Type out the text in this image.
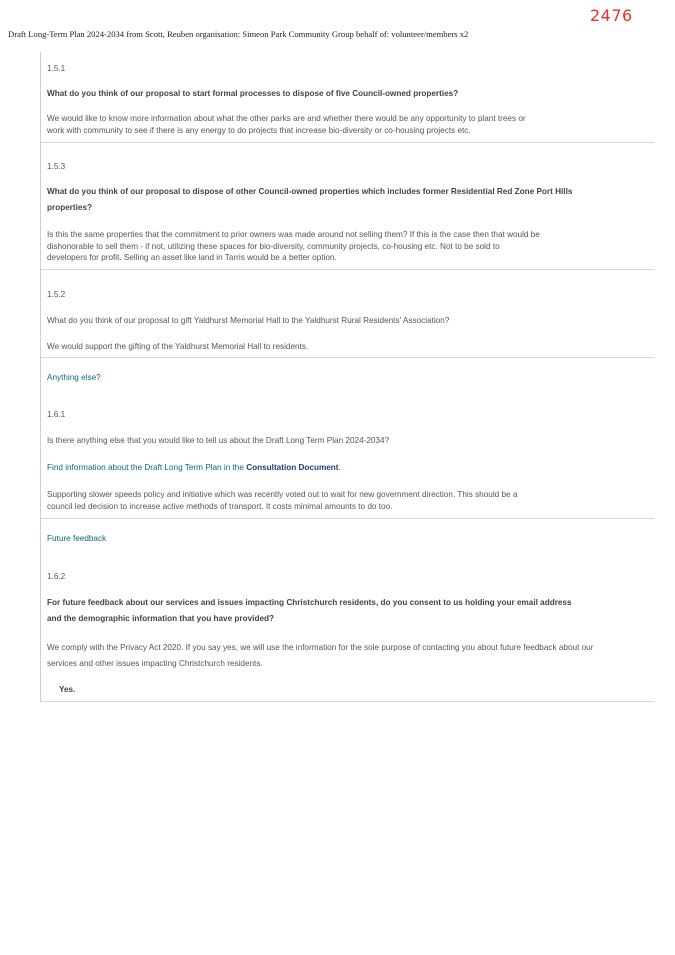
2476
Draft Long-Term Plan 2024-2034 from Scott, Reuben organisation: Simeon Park Community Group behalf of: volunteer/members x2
1.5.1
What do you think of our proposal to start formal processes to dispose of five Council-owned properties?
We would like to know more information about what the other parks are and whether there would be any opportunity to plant trees or
work with community to see if there is any energy to do projects that increase bio-diversity or co-housing projects etc.
1.5.3
What do you think of our proposal to dispose of other Council-owned properties which includes former Residential Red Zone Port Hills
properties?
Is this the same properties that the commitment to prior owners was made around not selling them? If this is the case then that would be
dishonorable to sell them - if not, utilizing these spaces for bio-diversity, community projects, co-housing etc. Not to be sold to
developers for profit. Selling an asset like land in Tarris would be a better option.
1.5.2
What do you think of our proposal to gift Yaldhurst Memorial Hall to the Yaldhurst Rural Residents' Association?
We would support the gifting of the Yaldhurst Memorial Hall to residents.
Anything else?
1.6.1
Is there anything else that you would like to tell us about the Draft Long Term Plan 2024-2034?
Find information about the Draft Long Term Plan in the Consultation Document.
Supporting slower speeds policy and initiative which was recently voted out to wait for new government direction. This should be a
council led decision to increase active methods of transport. It costs minimal amounts to do too.
Future feedback
1.6.2
For future feedback about our services and issues impacting Christchurch residents, do you consent to us holding your email address
and the demographic information that you have provided?
We comply with the Privacy Act 2020. If you say yes, we will use the information for the sole purpose of contacting you about future feedback about our
services and other issues impacting Christchurch residents.
Yes.
